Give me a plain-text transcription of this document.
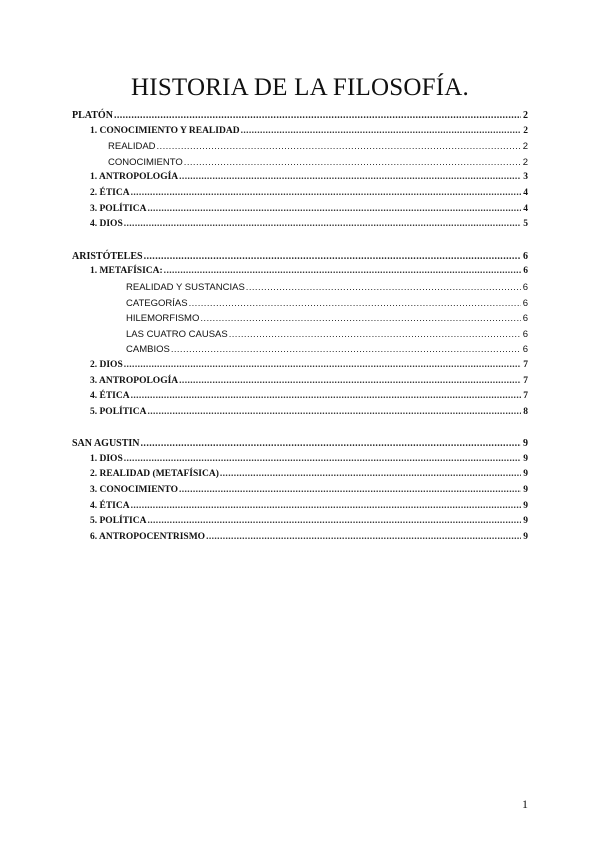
HISTORIA DE LA FILOSOFÍA.
PLATÓN .....	2
1. CONOCIMIENTO Y REALIDAD .....	2
REALIDAD .....	2
CONOCIMIENTO .....	2
1. ANTROPOLOGÍA .....	3
2. ÉTICA .....	4
3. POLÍTICA .....	4
4. DIOS .....	5
ARISTÓTELES .....	6
1. METAFÍSICA: .....	6
REALIDAD Y SUSTANCIAS .....	6
CATEGORÍAS .....	6
HILEMORFISMO .....	6
LAS CUATRO CAUSAS .....	6
CAMBIOS .....	6
2. DIOS .....	7
3. ANTROPOLOGÍA .....	7
4. ÉTICA .....	7
5. POLÍTICA .....	8
SAN AGUSTIN .....	9
1. DIOS .....	9
2. REALIDAD (METAFÍSICA) .....	9
3. CONOCIMIENTO .....	9
4. ÉTICA .....	9
5. POLÍTICA .....	9
6. ANTROPOCENTRISMO .....	9
1
